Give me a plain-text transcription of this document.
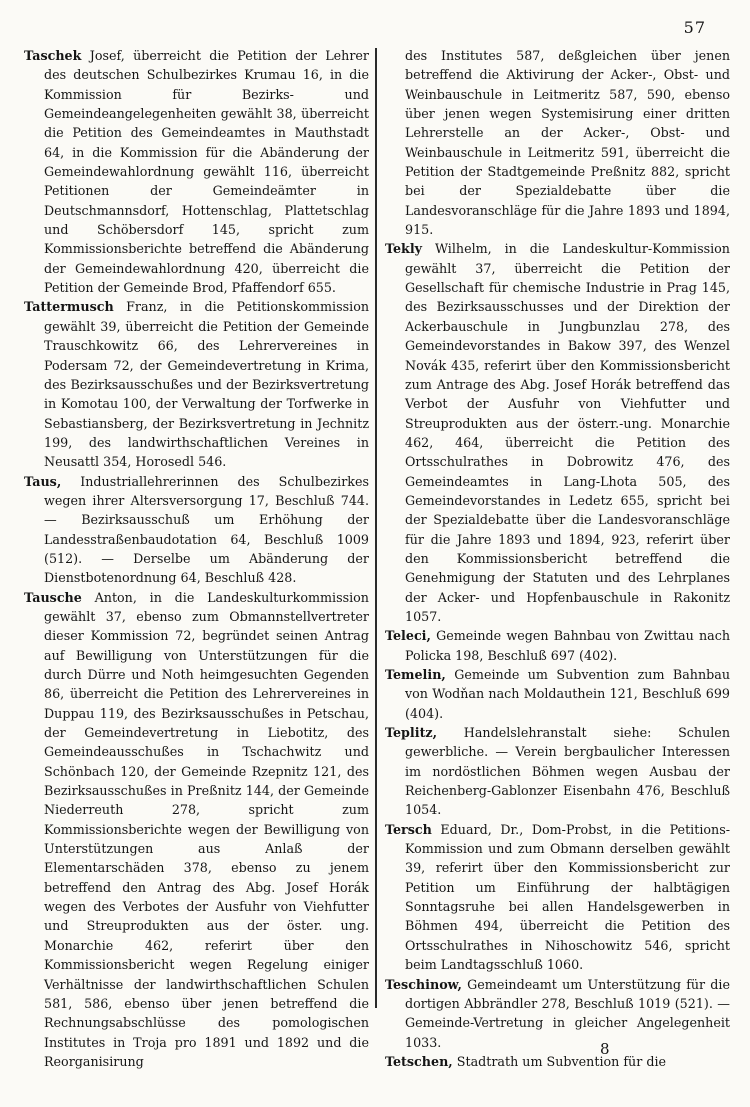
57

Taschek Josef, überreicht die Petition der Lehrer des deutschen Schulbezirkes Krumau 16, in die Kommission für Bezirks- und Gemeindeangelegenheiten gewählt 38, überreicht die Petition des Gemeindeamtes in Mauthstadt 64, in die Kommission für die Abänderung der Gemeindewahlordnung gewählt 116, überreicht Petitionen der Gemeindeämter in Deutschmannsdorf, Hottenschlag, Plattetschlag und Schöbersdorf 145, spricht zum Kommissionsberichte betreffend die Abänderung der Gemeindewahlordnung 420, überreicht die Petition der Gemeinde Brod, Pfaffendorf 655.

Tattermusch Franz, in die Petitionskommission gewählt 39, überreicht die Petition der Gemeinde Trauschkowitz 66, des Lehrervereines in Podersam 72, der Gemeindevertretung in Krima, des Bezirksausschußes und der Bezirksvertretung in Komotau 100, der Verwaltung der Torfwerke in Sebastiansberg, der Bezirksvertretung in Jechnitz 199, des landwirthschaftlichen Vereines in Neusattl 354, Horosedl 546.

Taus, Industriallehrerinnen des Schulbezirkes wegen ihrer Altersversorgung 17, Beschluß 744. — Bezirksausschuß um Erhöhung der Landesstraßenbaudotation 64, Beschluß 1009 (512). — Derselbe um Abänderung der Dienstbotenordnung 64, Beschluß 428.

Tausche Anton, in die Landeskulturkommission gewählt 37, ebenso zum Obmannstellvertreter dieser Kommission 72, begründet seinen Antrag auf Bewilligung von Unterstützungen für die durch Dürre und Noth heimgesuchten Gegenden 86, überreicht die Petition des Lehrervereines in Duppau 119, des Bezirksausschußes in Petschau, der Gemeindevertretung in Liebotitz, des Gemeindeausschußes in Tschachwitz und Schönbach 120, der Gemeinde Rzepnitz 121, des Bezirksausschußes in Preßnitz 144, der Gemeinde Niederreuth 278, spricht zum Kommissionsberichte wegen der Bewilligung von Unterstützungen aus Anlaß der Elementarschäden 378, ebenso zu jenem betreffend den Antrag des Abg. Josef Horák wegen des Verbotes der Ausfuhr von Viehfutter und Streuprodukten aus der öster. ung. Monarchie 462, referirt über den Kommissionsbericht wegen Regelung einiger Verhältnisse der landwirthschaftlichen Schulen 581, 586, ebenso über jenen betreffend die Rechnungsabschlüsse des pomologischen Institutes in Troja pro 1891 und 1892 und die Reorganisirung

des Institutes 587, deßgleichen über jenen betreffend die Aktivirung der Acker-, Obst- und Weinbauschule in Leitmeritz 587, 590, ebenso über jenen wegen Systemisirung einer dritten Lehrerstelle an der Acker-, Obst- und Weinbauschule in Leitmeritz 591, überreicht die Petition der Stadtgemeinde Preßnitz 882, spricht bei der Spezialdebatte über die Landesvoranschläge für die Jahre 1893 und 1894, 915.

Tekly Wilhelm, in die Landeskultur-Kommission gewählt 37, überreicht die Petition der Gesellschaft für chemische Industrie in Prag 145, des Bezirksausschusses und der Direktion der Ackerbauschule in Jungbunzlau 278, des Gemeindevorstandes in Bakow 397, des Wenzel Novák 435, referirt über den Kommissionsbericht zum Antrage des Abg. Josef Horák betreffend das Verbot der Ausfuhr von Viehfutter und Streuprodukten aus der österr.-ung. Monarchie 462, 464, überreicht die Petition des Ortsschulrathes in Dobrowitz 476, des Gemeindeamtes in Lang-Lhota 505, des Gemeindevorstandes in Ledetz 655, spricht bei der Spezialdebatte über die Landesvoranschläge für die Jahre 1893 und 1894, 923, referirt über den Kommissionsbericht betreffend die Genehmigung der Statuten und des Lehrplanes der Acker- und Hopfenbauschule in Rakonitz 1057.

Teleci, Gemeinde wegen Bahnbau von Zwittau nach Policka 198, Beschluß 697 (402).

Temelin, Gemeinde um Subvention zum Bahnbau von Wodňan nach Moldauthein 121, Beschluß 699 (404).

Teplitz, Handelslehranstalt siehe: Schulen gewerbliche. — Verein bergbaulicher Interessen im nordöstlichen Böhmen wegen Ausbau der Reichenberg-Gablonzer Eisenbahn 476, Beschluß 1054.

Tersch Eduard, Dr., Dom-Probst, in die Petitions-Kommission und zum Obmann derselben gewählt 39, referirt über den Kommissionsbericht zur Petition um Einführung der halbtägigen Sonntagsruhe bei allen Handelsgewerben in Böhmen 494, überreicht die Petition des Ortsschulrathes in Nihoschowitz 546, spricht beim Landtagsschluß 1060.

Teschinow, Gemeindeamt um Unterstützung für die dortigen Abbrändler 278, Beschluß 1019 (521). — Gemeinde-Vertretung in gleicher Angelegenheit 1033.

Tetschen, Stadtrath um Subvention für die

8
